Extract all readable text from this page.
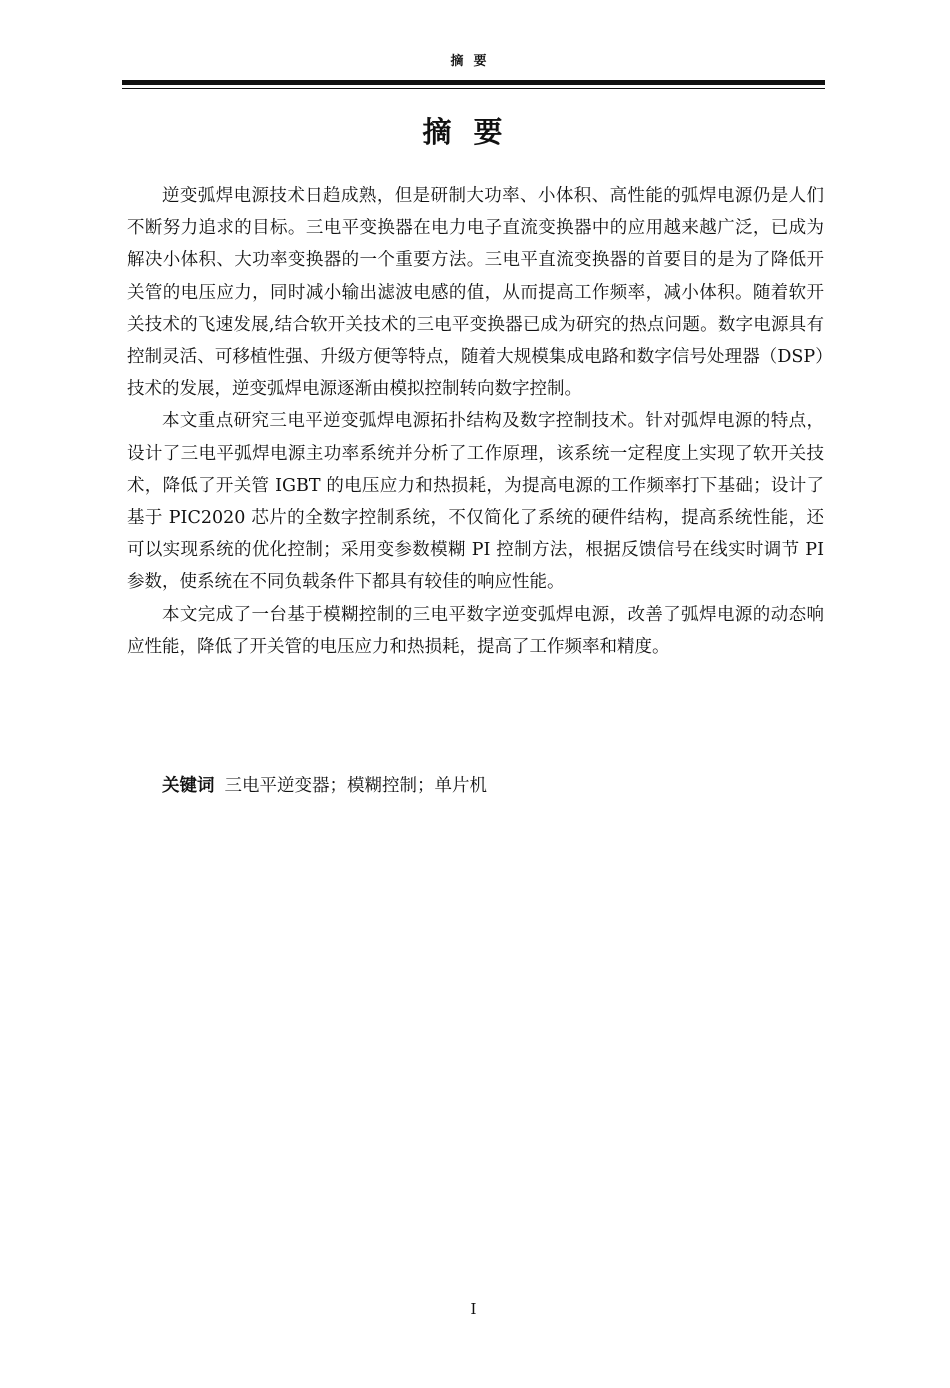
摘要
摘要

逆变弧焊电源技术日趋成熟，但是研制大功率、小体积、高性能的弧焊电源仍是人们不断努力追求的目标。三电平变换器在电力电子直流变换器中的应用越来越广泛，已成为解决小体积、大功率变换器的一个重要方法。三电平直流变换器的首要目的是为了降低开关管的电压应力，同时减小输出滤波电感的值，从而提高工作频率，减小体积。随着软开关技术的飞速发展,结合软开关技术的三电平变换器已成为研究的热点问题。数字电源具有控制灵活、可移植性强、升级方便等特点，随着大规模集成电路和数字信号处理器（DSP）技术的发展，逆变弧焊电源逐渐由模拟控制转向数字控制。

本文重点研究三电平逆变弧焊电源拓扑结构及数字控制技术。针对弧焊电源的特点，设计了三电平弧焊电源主功率系统并分析了工作原理，该系统一定程度上实现了软开关技术，降低了开关管 IGBT 的电压应力和热损耗，为提高电源的工作频率打下基础；设计了基于 PIC2020 芯片的全数字控制系统，不仅简化了系统的硬件结构，提高系统性能，还可以实现系统的优化控制；采用变参数模糊 PI 控制方法，根据反馈信号在线实时调节 PI 参数，使系统在不同负载条件下都具有较佳的响应性能。

本文完成了一台基于模糊控制的三电平数字逆变弧焊电源，改善了弧焊电源的动态响应性能，降低了开关管的电压应力和热损耗，提高了工作频率和精度。

关键词 三电平逆变器；模糊控制；单片机

I
